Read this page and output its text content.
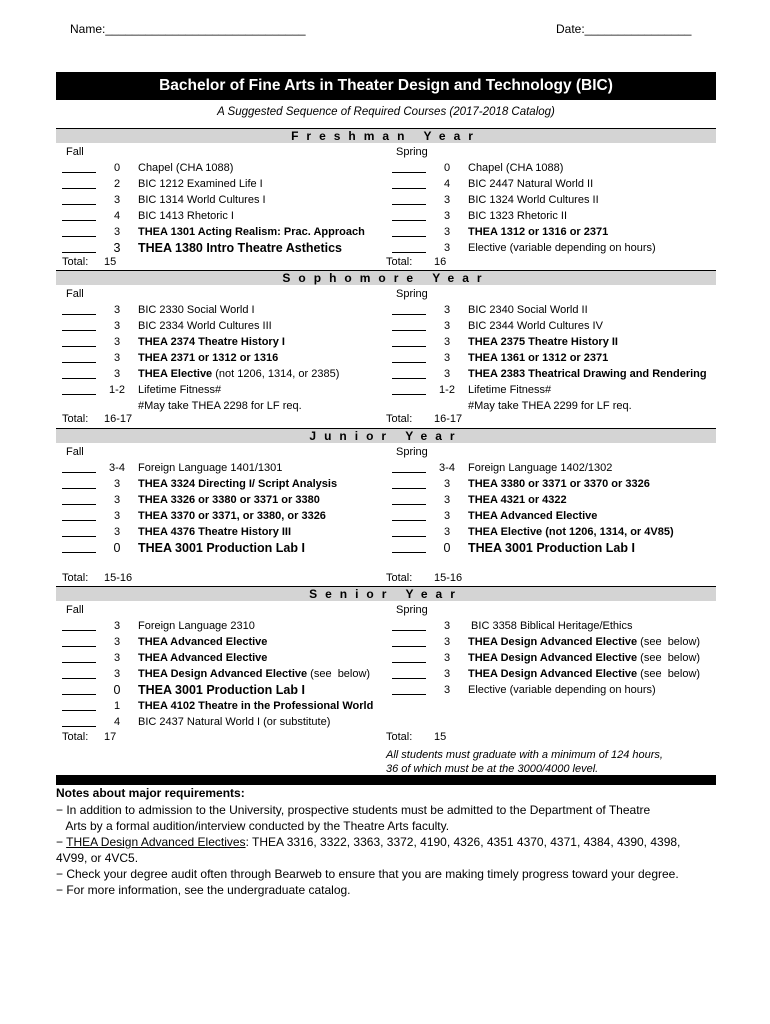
Name:______________________________	Date:________________
Bachelor of Fine Arts in Theater Design and Technology (BIC)
A Suggested Sequence of Required Courses (2017-2018 Catalog)
Freshman Year
Fall
0	Chapel (CHA 1088)
2	BIC 1212 Examined Life I
3	BIC 1314 World Cultures I
4	BIC 1413 Rhetoric I
3	THEA 1301 Acting Realism: Prac. Approach
3	THEA 1380 Intro Theatre Asthetics
Total: 15
Spring
0	Chapel (CHA 1088)
4	BIC 2447 Natural World II
3	BIC 1324 World Cultures II
3	BIC 1323 Rhetoric II
3	THEA 1312 or 1316 or 2371
3	Elective (variable depending on hours)
Total: 16
Sophomore Year
Fall
3	BIC 2330 Social World I
3	BIC 2334 World Cultures III
3	THEA 2374 Theatre History I
3	THEA 2371 or 1312 or 1316
3	THEA Elective (not 1206, 1314, or 2385)
1-2	Lifetime Fitness#
#May take THEA 2298 for LF req.
Total: 16-17
Spring
3	BIC 2340 Social World II
3	BIC 2344 World Cultures IV
3	THEA 2375 Theatre History II
3	THEA 1361 or 1312 or 2371
3	THEA 2383 Theatrical Drawing and Rendering
1-2	Lifetime Fitness#
#May take THEA 2299 for LF req.
Total: 16-17
Junior Year
Fall
3-4	Foreign Language 1401/1301
3	THEA 3324 Directing I/ Script Analysis
3	THEA 3326 or 3380 or 3371 or 3380
3	THEA 3370 or 3371, or 3380, or 3326
3	THEA 4376 Theatre History III
0	THEA 3001 Production Lab I
Total: 15-16
Spring
3-4	Foreign Language 1402/1302
3	THEA 3380 or 3371 or 3370 or 3326
3	THEA 4321 or 4322
3	THEA Advanced Elective
3	THEA Elective (not 1206, 1314, or 4V85)
0	THEA 3001 Production Lab I
Total: 15-16
Senior Year
Fall
3	Foreign Language 2310
3	THEA Advanced Elective
3	THEA Advanced Elective
3	THEA Design Advanced Elective (see  below)
0	THEA 3001 Production Lab I
1	THEA 4102 Theatre in the Professional World
4	BIC 2437 Natural World I (or substitute)
Total: 17
Spring
3	BIC 3358 Biblical Heritage/Ethics
3	THEA Design Advanced Elective (see  below)
3	THEA Design Advanced Elective (see  below)
3	THEA Design Advanced Elective (see  below)
3	Elective (variable depending on hours)
Total: 15
All students must graduate with a minimum of 124 hours,
36 of which must be at the 3000/4000 level.
Notes about major requirements:

− In addition to admission to the University, prospective students must be admitted to the Department of Theatre

Arts by a formal audition/interview conducted by the Theatre Arts faculty.

− THEA Design Advanced Electives: THEA 3316, 3322, 3363, 3372, 4190, 4326, 4351 4370, 4371, 4384, 4390, 4398,

4V99, or 4VC5.

− Check your degree audit often through Bearweb to ensure that you are making timely progress toward your degree.

− For more information, see the undergraduate catalog.
